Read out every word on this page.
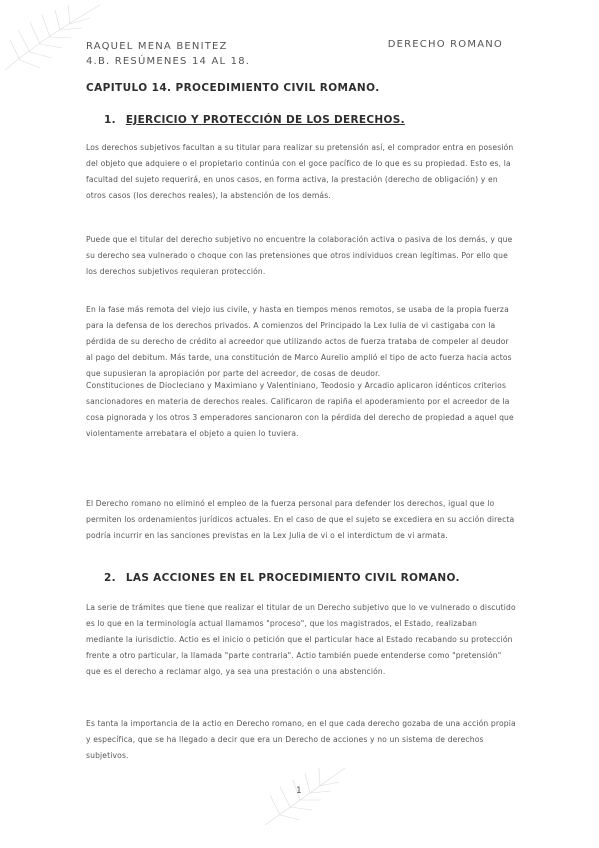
RAQUEL MENA BENITEZ
4.B. RESÚMENES 14 AL 18.
DERECHO ROMANO
CAPITULO 14. PROCEDIMIENTO CIVIL ROMANO.
1. EJERCICIO Y PROTECCIÓN DE LOS DERECHOS.
Los derechos subjetivos facultan a su titular para realizar su pretensión así, el comprador entra en posesión del objeto que adquiere o el propietario continúa con el goce pacífico de lo que es su propiedad. Esto es, la facultad del sujeto requerirá, en unos casos, en forma activa, la prestación (derecho de obligación) y en otros casos (los derechos reales), la abstención de los demás.
Puede que el titular del derecho subjetivo no encuentre la colaboración activa o pasiva de los demás, y que su derecho sea vulnerado o choque con las pretensiones que otros individuos crean legítimas. Por ello que los derechos subjetivos requieran protección.
En la fase más remota del viejo ius civile, y hasta en tiempos menos remotos, se usaba de la propia fuerza para la defensa de los derechos privados. A comienzos del Principado la Lex Iulia de vi castigaba con la pérdida de su derecho de crédito al acreedor que utilizando actos de fuerza trataba de compeler al deudor al pago del debitum. Más tarde, una constitución de Marco Aurelio amplió el tipo de acto fuerza hacia actos que supusieran la apropiación por parte del acreedor, de cosas de deudor.
Constituciones de Diocleciano y Maximiano y Valentiniano, Teodosio y Arcadio aplicaron idénticos criterios sancionadores en materia de derechos reales. Calificaron de rapiña el apoderamiento por el acreedor de la cosa pignorada y los otros 3 emperadores sancionaron con la pérdida del derecho de propiedad a aquel que violentamente arrebatara el objeto a quien lo tuviera.
El Derecho romano no eliminó el empleo de la fuerza personal para defender los derechos, igual que lo permiten los ordenamientos jurídicos actuales. En el caso de que el sujeto se excediera en su acción directa podría incurrir en las sanciones previstas en la Lex Julia de vi o el interdictum de vi armata.
2. LAS ACCIONES EN EL PROCEDIMIENTO CIVIL ROMANO.
La serie de trámites que tiene que realizar el titular de un Derecho subjetivo que lo ve vulnerado o discutido es lo que en la terminología actual llamamos "proceso", que los magistrados, el Estado, realizaban mediante la iurisdictio. Actio es el inicio o petición que el particular hace al Estado recabando su protección frente a otro particular, la llamada "parte contraria". Actio también puede entenderse como "pretensión" que es el derecho a reclamar algo, ya sea una prestación o una abstención.
Es tanta la importancia de la actio en Derecho romano, en el que cada derecho gozaba de una acción propia y específica, que se ha llegado a decir que era un Derecho de acciones y no un sistema de derechos subjetivos.
1
